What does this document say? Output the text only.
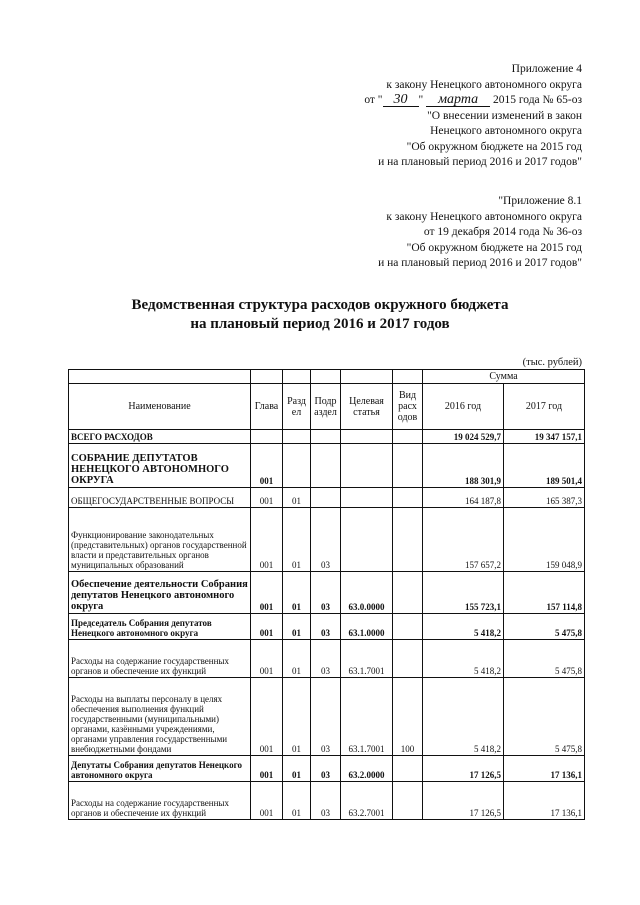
Приложение 4
к закону Ненецкого автономного округа
от " 30 " марта 2015 года № 65-оз
"О внесении изменений в закон
Ненецкого автономного округа
"Об окружном бюджете на 2015 год
и на плановый период 2016 и 2017 годов"
"Приложение 8.1
к закону Ненецкого автономного округа
от 19 декабря 2014 года № 36-оз
"Об окружном бюджете на 2015 год
и на плановый период 2016 и 2017 годов"
Ведомственная структура расходов окружного бюджета
на плановый период 2016 и 2017 годов
(тыс. рублей)
						Сумма	
Наименование	Глава	Разд ел	Подр аздел	Целевая статья	Вид расх одов	2016 год	2017 год
ВСЕГО РАСХОДОВ						19 024 529,7	19 347 157,1
СОБРАНИЕ ДЕПУТАТОВ НЕНЕЦКОГО АВТОНОМНОГО ОКРУГА	001					188 301,9	189 501,4
ОБЩЕГОСУДАРСТВЕННЫЕ ВОПРОСЫ	001	01				164 187,8	165 387,3
Функционирование законодательных (представительных) органов государственной власти и представительных органов муниципальных образований	001	01	03			157 657,2	159 048,9
Обеспечение деятельности Собрания депутатов Ненецкого автономного округа	001	01	03	63.0.0000		155 723,1	157 114,8
Председатель Собрания депутатов Ненецкого автономного округа	001	01	03	63.1.0000		5 418,2	5 475,8
Расходы на содержание государственных органов и обеспечение их функций	001	01	03	63.1.7001		5 418,2	5 475,8
Расходы на выплаты персоналу в целях обеспечения выполнения функций государственными (муниципальными) органами, казёнными учреждениями, органами управления государственными внебюджетными фондами	001	01	03	63.1.7001	100	5 418,2	5 475,8
Депутаты Собрания депутатов Ненецкого автономного округа	001	01	03	63.2.0000		17 126,5	17 136,1
Расходы на содержание государственных органов и обеспечение их функций	001	01	03	63.2.7001		17 126,5	17 136,1
